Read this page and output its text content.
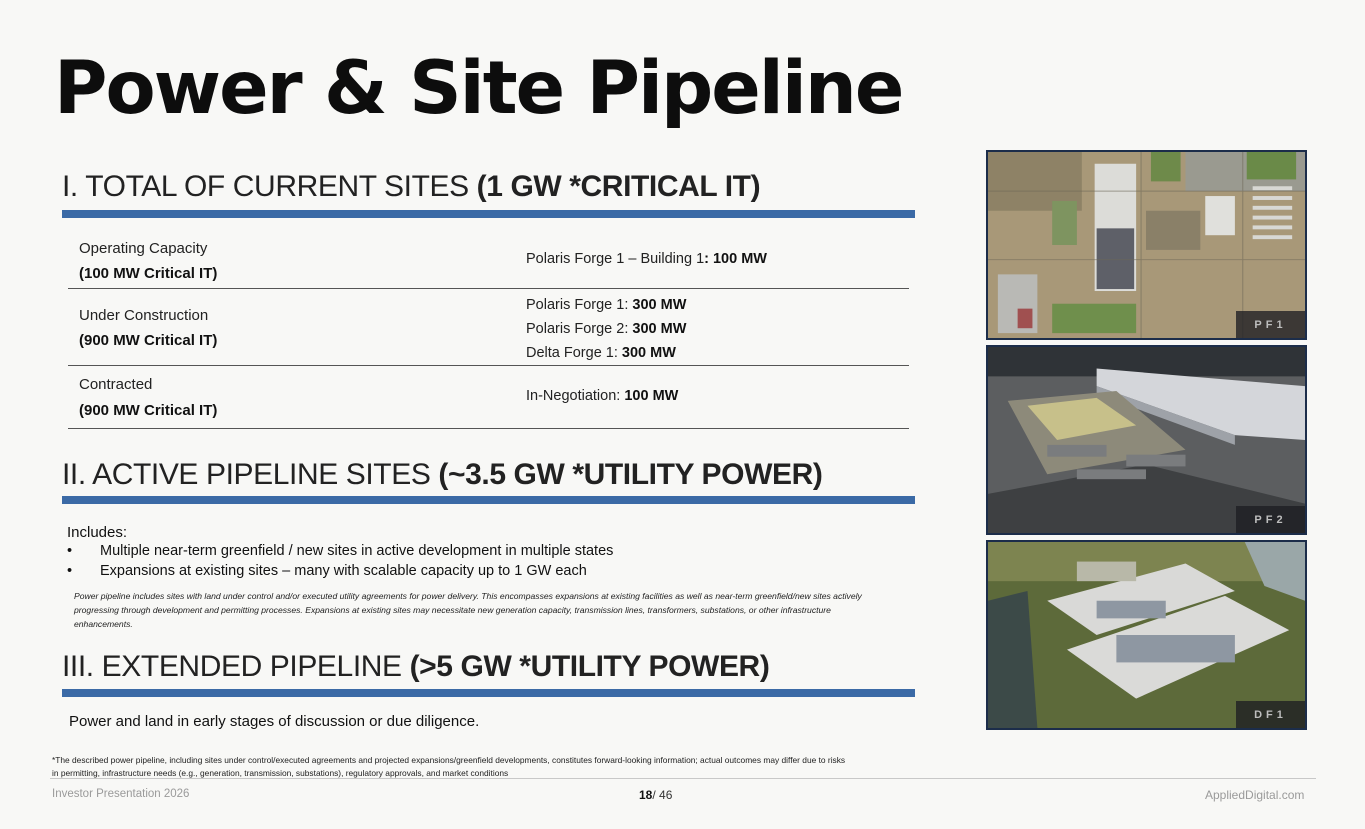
Power & Site Pipeline
I. TOTAL OF CURRENT SITES (1 GW *CRITICAL IT)
Operating Capacity
(100 MW Critical IT)
Polaris Forge 1 – Building 1: 100 MW
Under Construction
(900 MW Critical IT)
Polaris Forge 1: 300 MW
Polaris Forge 2: 300 MW
Delta Forge 1: 300 MW
Contracted
(900 MW Critical IT)
In-Negotiation: 100 MW
II. ACTIVE PIPELINE SITES (~3.5 GW *UTILITY POWER)
Includes:
• Multiple near-term greenfield / new sites in active development in multiple states
• Expansions at existing sites – many with scalable capacity up to 1 GW each
Power pipeline includes sites with land under control and/or executed utility agreements for power delivery. This encompasses expansions at existing facilities as well as near-term greenfield/new sites actively progressing through development and permitting processes. Expansions at existing sites may necessitate new generation capacity, transmission lines, transformers, substations, or other infrastructure enhancements.
III. EXTENDED PIPELINE (>5 GW *UTILITY POWER)
Power and land in early stages of discussion or due diligence.
*The described power pipeline, including sites under control/executed agreements and projected expansions/greenfield developments, constitutes forward-looking information; actual outcomes may differ due to risks in permitting, infrastructure needs (e.g., generation, transmission, substations), regulatory approvals, and market conditions
PF1
PF2
DF1
Investor Presentation 2026	18/ 46	AppliedDigital.com
